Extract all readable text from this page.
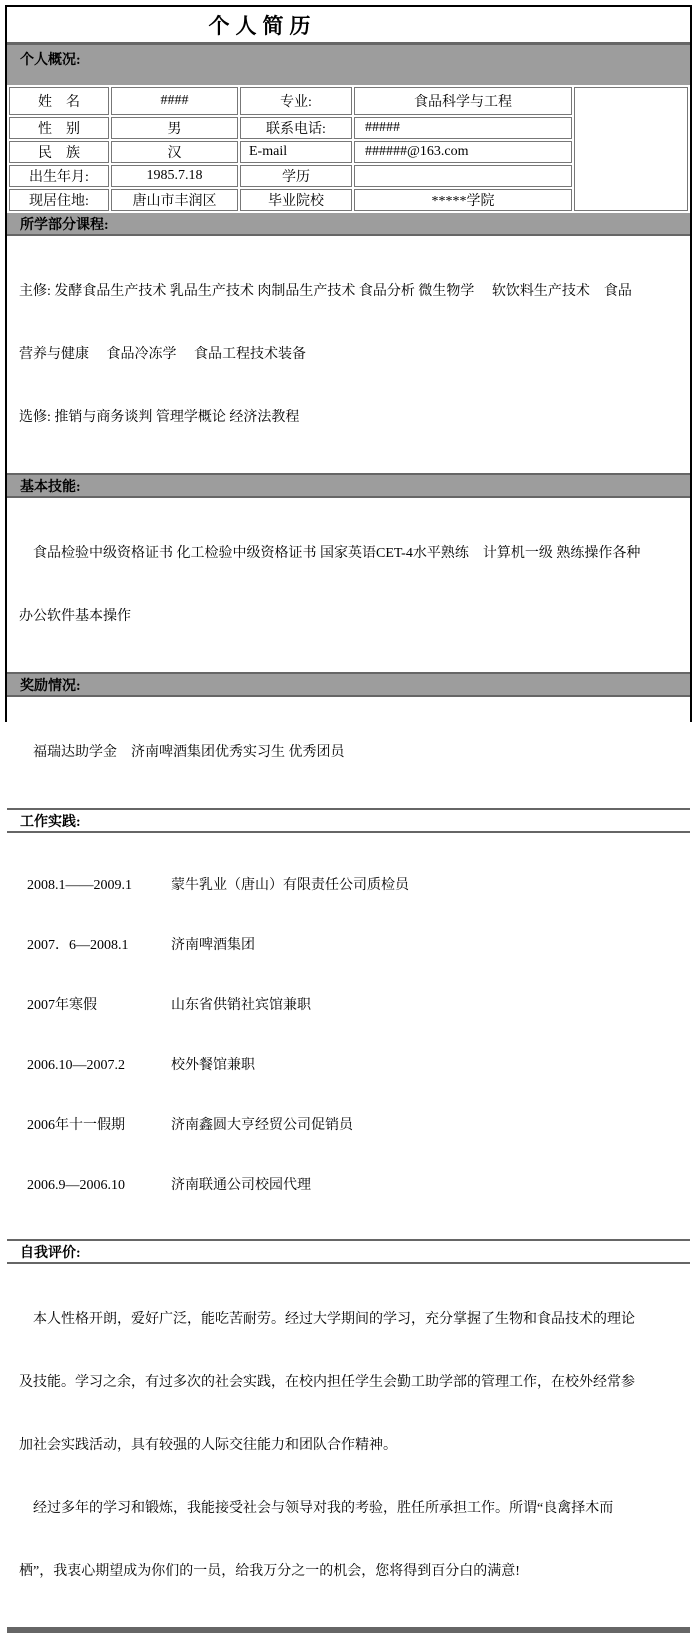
个人简历
个人概况:
姓　名	####	专业:	食品科学与工程	
性　别	男	联系电话:	#####	
民　族	汉	E-mail	######@163.com	
出生年月:	1985.7.18	学历		
现居住地:	唐山市丰润区	毕业院校	*****学院	
所学部分课程:

主修: 发酵食品生产技术 乳品生产技术 肉制品生产技术 食品分析 微生物学　 软饮料生产技术　食品

营养与健康　 食品冷冻学　 食品工程技术装备

选修: 推销与商务谈判 管理学概论 经济法教程

基本技能:

　食品检验中级资格证书 化工检验中级资格证书 国家英语CET-4水平熟练　计算机一级 熟练操作各种

办公软件基本操作

奖励情况:

　福瑞达助学金　济南啤酒集团优秀实习生 优秀团员

工作实践:

2008.1——2009.1	蒙牛乳业（唐山）有限责任公司质检员

2007．6—2008.1	济南啤酒集团

2007年寒假	山东省供销社宾馆兼职

2006.10—2007.2	校外餐馆兼职

2006年十一假期	济南鑫圆大亨经贸公司促销员

2006.9—2006.10	济南联通公司校园代理

自我评价:

　本人性格开朗，爱好广泛，能吃苦耐劳。经过大学期间的学习，充分掌握了生物和食品技术的理论

及技能。学习之余，有过多次的社会实践，在校内担任学生会勤工助学部的管理工作，在校外经常参

加社会实践活动，具有较强的人际交往能力和团队合作精神。

　经过多年的学习和锻炼，我能接受社会与领导对我的考验，胜任所承担工作。所谓“良禽择木而

栖”，我衷心期望成为你们的一员，给我万分之一的机会，您将得到百分白的满意!
